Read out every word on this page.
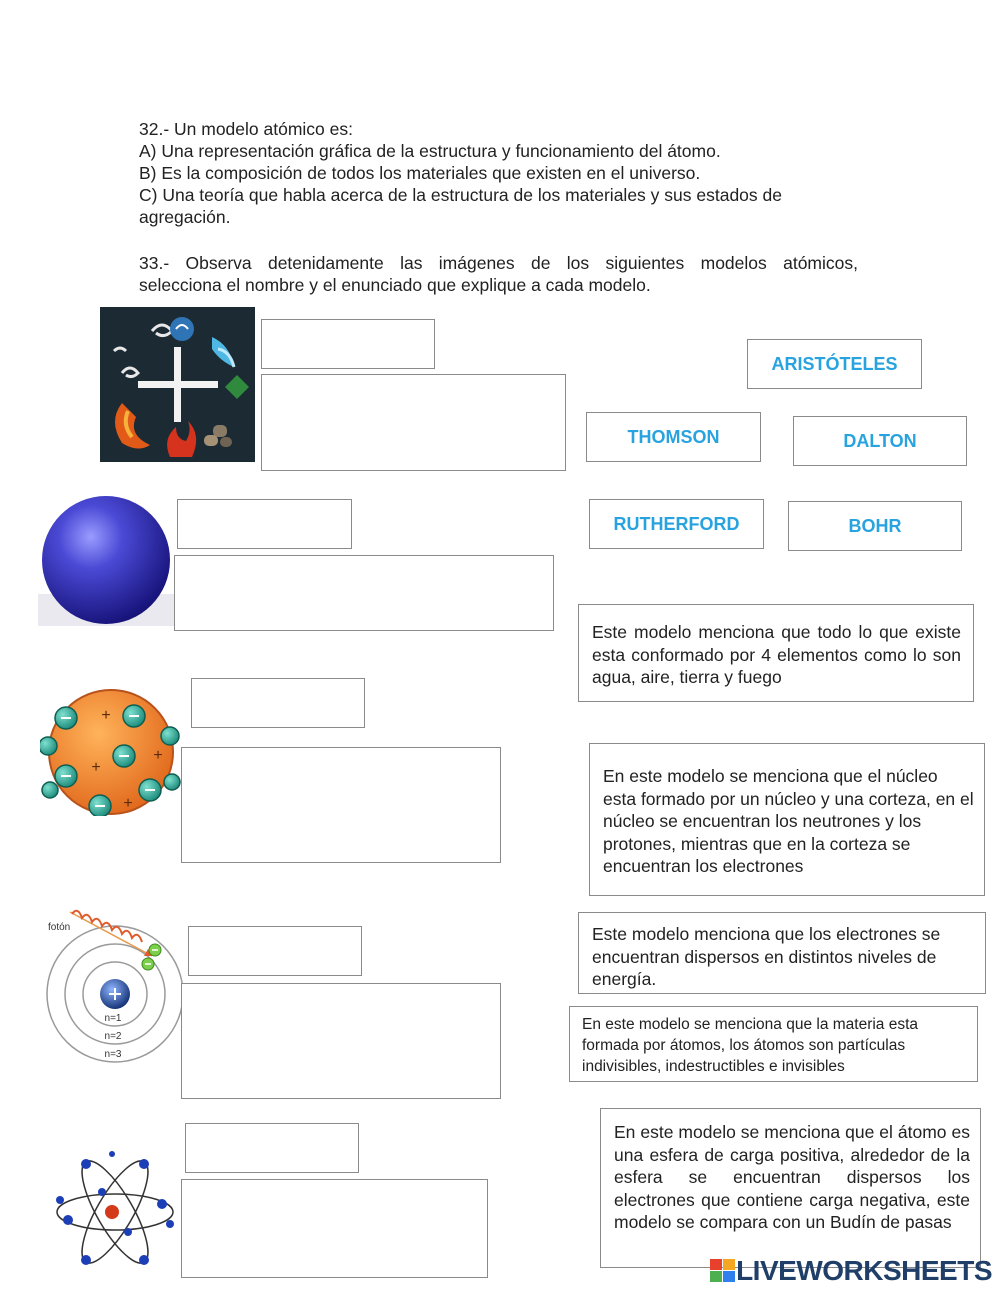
32.- Un modelo atómico es:
A) Una representación gráfica de la estructura y funcionamiento del átomo.
B) Es la composición de todos los materiales que existen en el universo.
C) Una teoría que habla acerca de la estructura de los materiales y sus estados de
agregación.
33.- Observa detenidamente las imágenes de los siguientes modelos atómicos,
selecciona el nombre y el enunciado que explique a cada modelo.
ARISTÓTELES
THOMSON	DALTON
RUTHERFORD	BOHR
Este modelo menciona que todo lo que existe esta conformado por 4 elementos como lo son agua, aire, tierra y fuego
+
+
+
+
En este modelo se menciona que el núcleo esta formado por un núcleo y una corteza, en el núcleo se encuentran los neutrones y los protones, mientras que en la corteza se encuentran los electrones
fotón
n=1
n=2
n=3
Este modelo menciona que los electrones se encuentran dispersos en distintos niveles de energía.
En este modelo se menciona que la materia esta formada por átomos, los átomos son partículas indivisibles, indestructibles e invisibles
En este modelo se menciona que el átomo es una esfera de carga positiva, alrededor de la esfera se encuentran dispersos los electrones que contiene carga negativa, este modelo se compara con un Budín de pasas
LIVEWORKSHEETS
